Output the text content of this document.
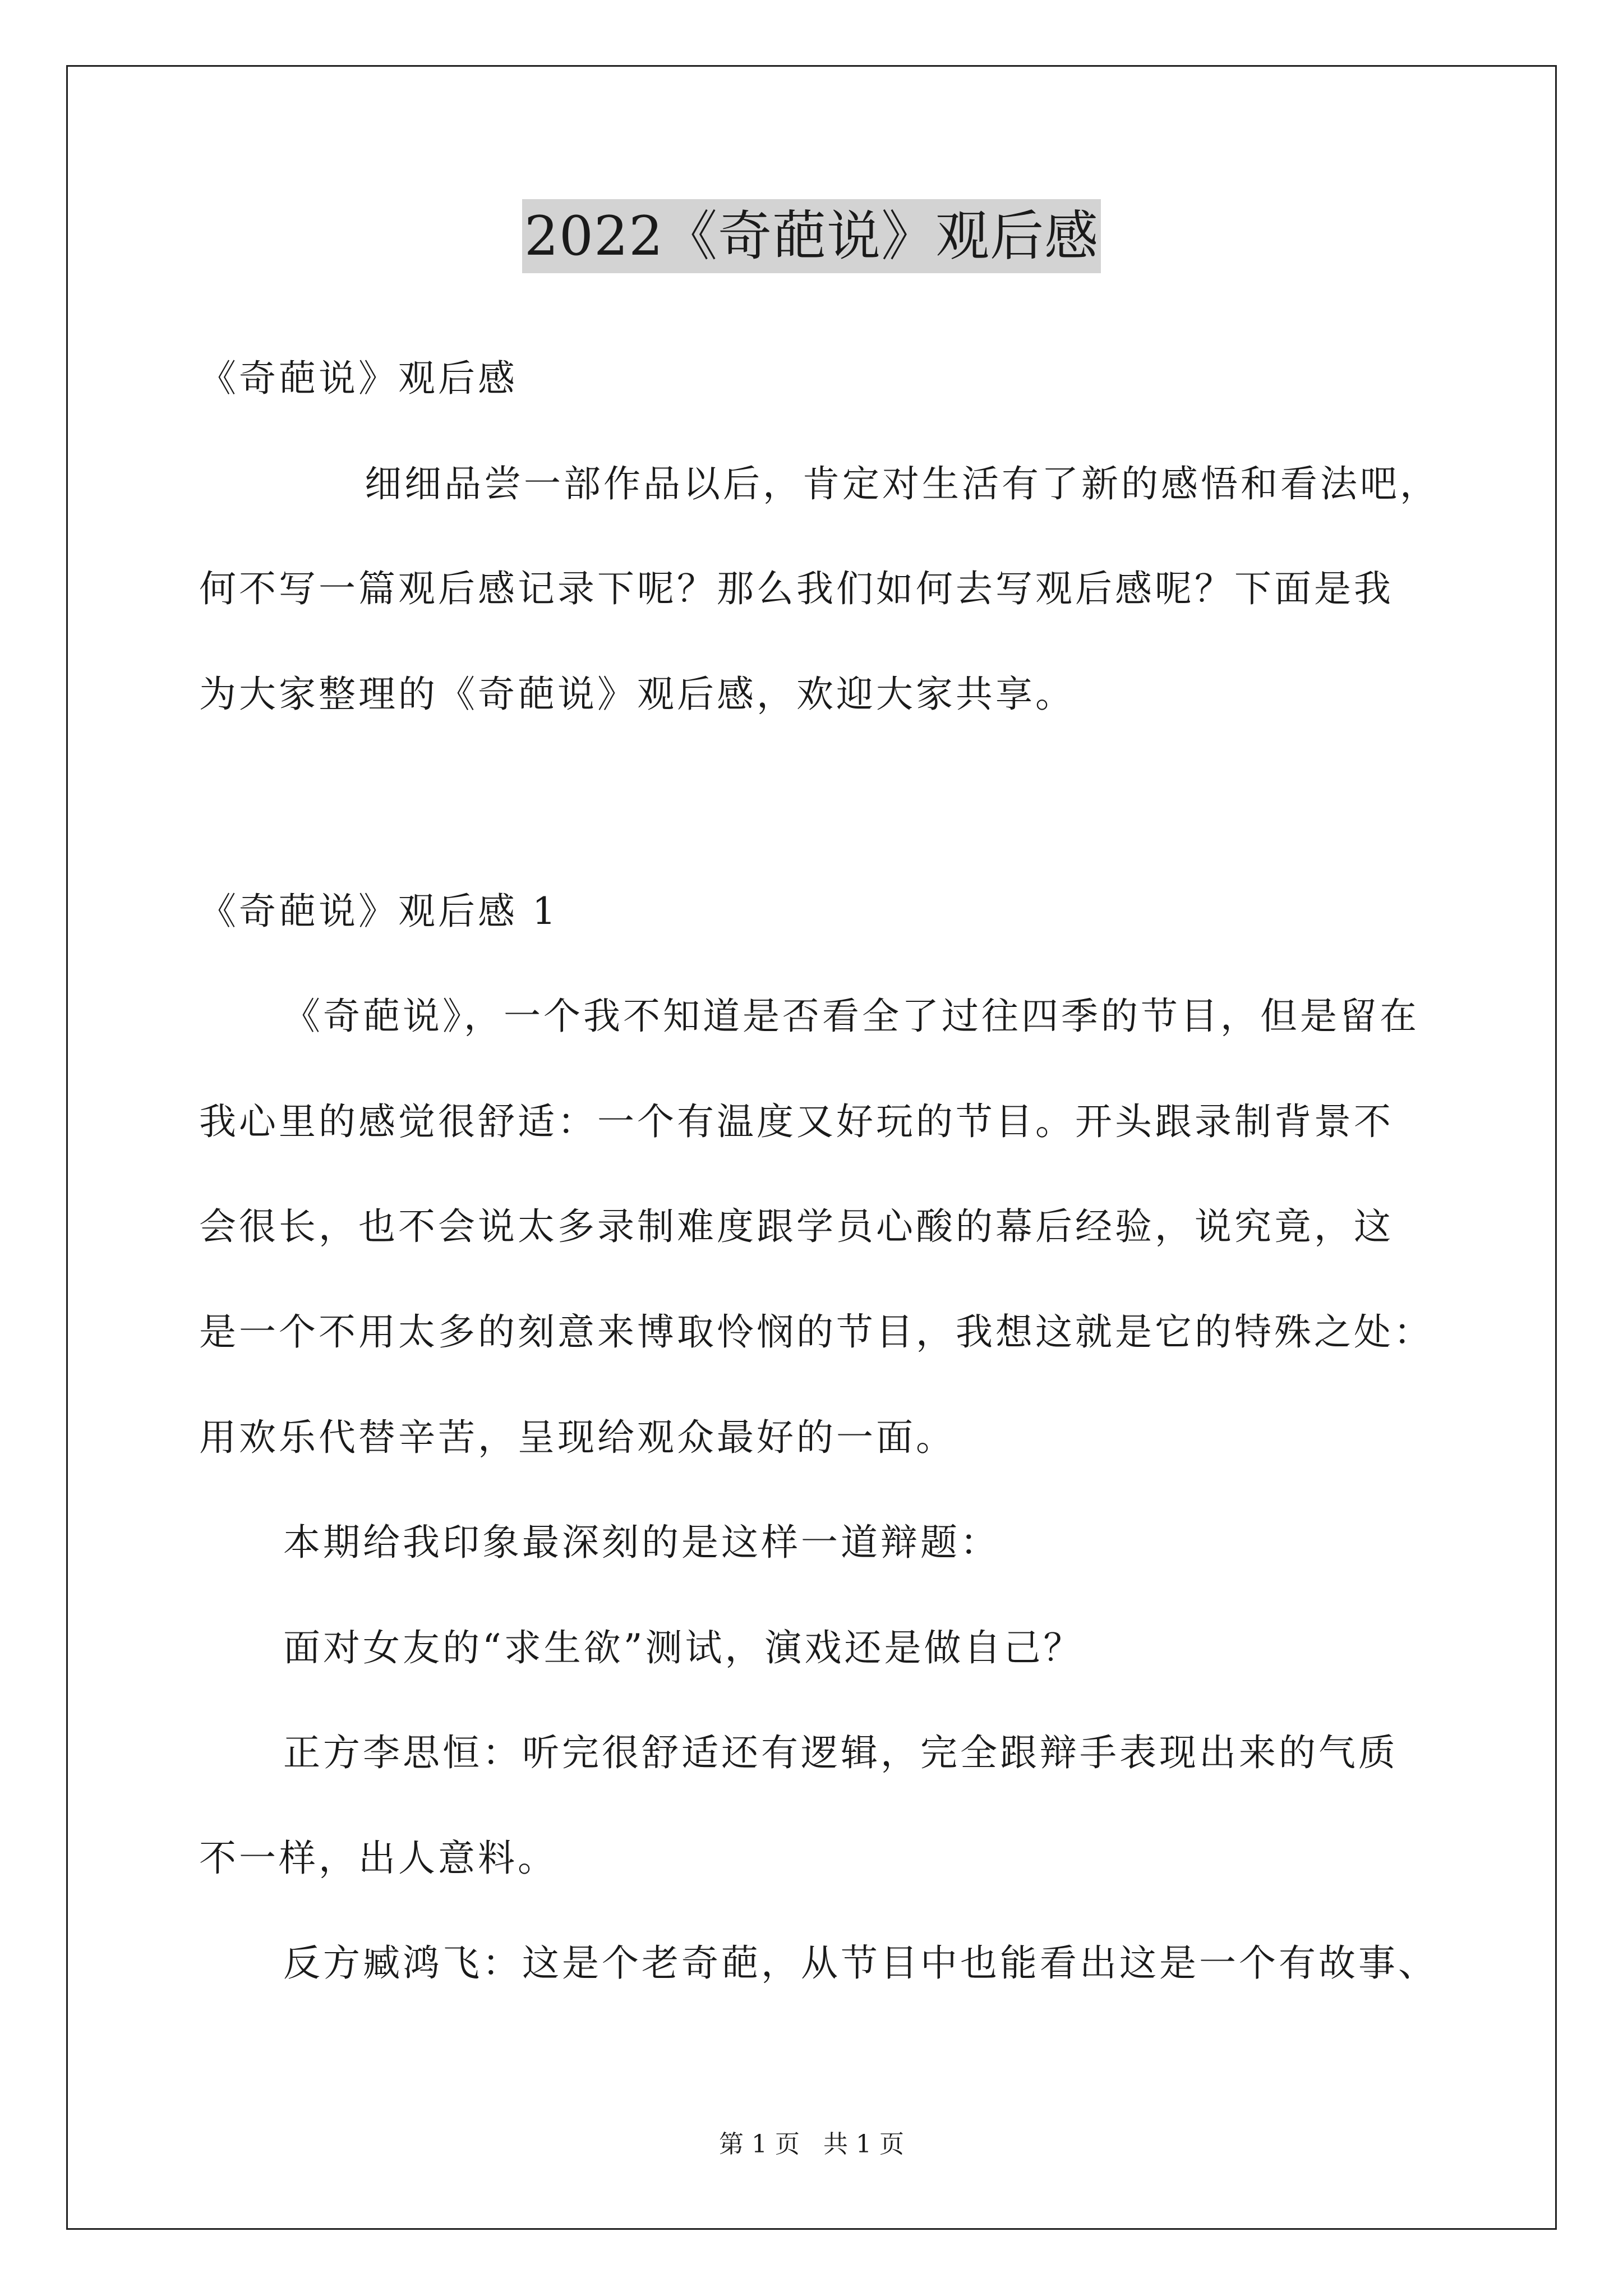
2022《奇葩说》观后感
《奇葩说》观后感
细细品尝一部作品以后，肯定对生活有了新的感悟和看法吧，
何不写一篇观后感记录下呢？那么我们如何去写观后感呢？下面是我
为大家整理的《奇葩说》观后感，欢迎大家共享。
《奇葩说》观后感 1
《奇葩说》，一个我不知道是否看全了过往四季的节目，但是留在
我心里的感觉很舒适：一个有温度又好玩的节目。开头跟录制背景不
会很长，也不会说太多录制难度跟学员心酸的幕后经验，说究竟，这
是一个不用太多的刻意来博取怜悯的节目，我想这就是它的特殊之处：
用欢乐代替辛苦，呈现给观众最好的一面。
本期给我印象最深刻的是这样一道辩题：
面对女友的“求生欲”测试，演戏还是做自己？
正方李思恒：听完很舒适还有逻辑，完全跟辩手表现出来的气质
不一样，出人意料。
反方臧鸿飞：这是个老奇葩，从节目中也能看出这是一个有故事、
第 1 页   共 1 页
